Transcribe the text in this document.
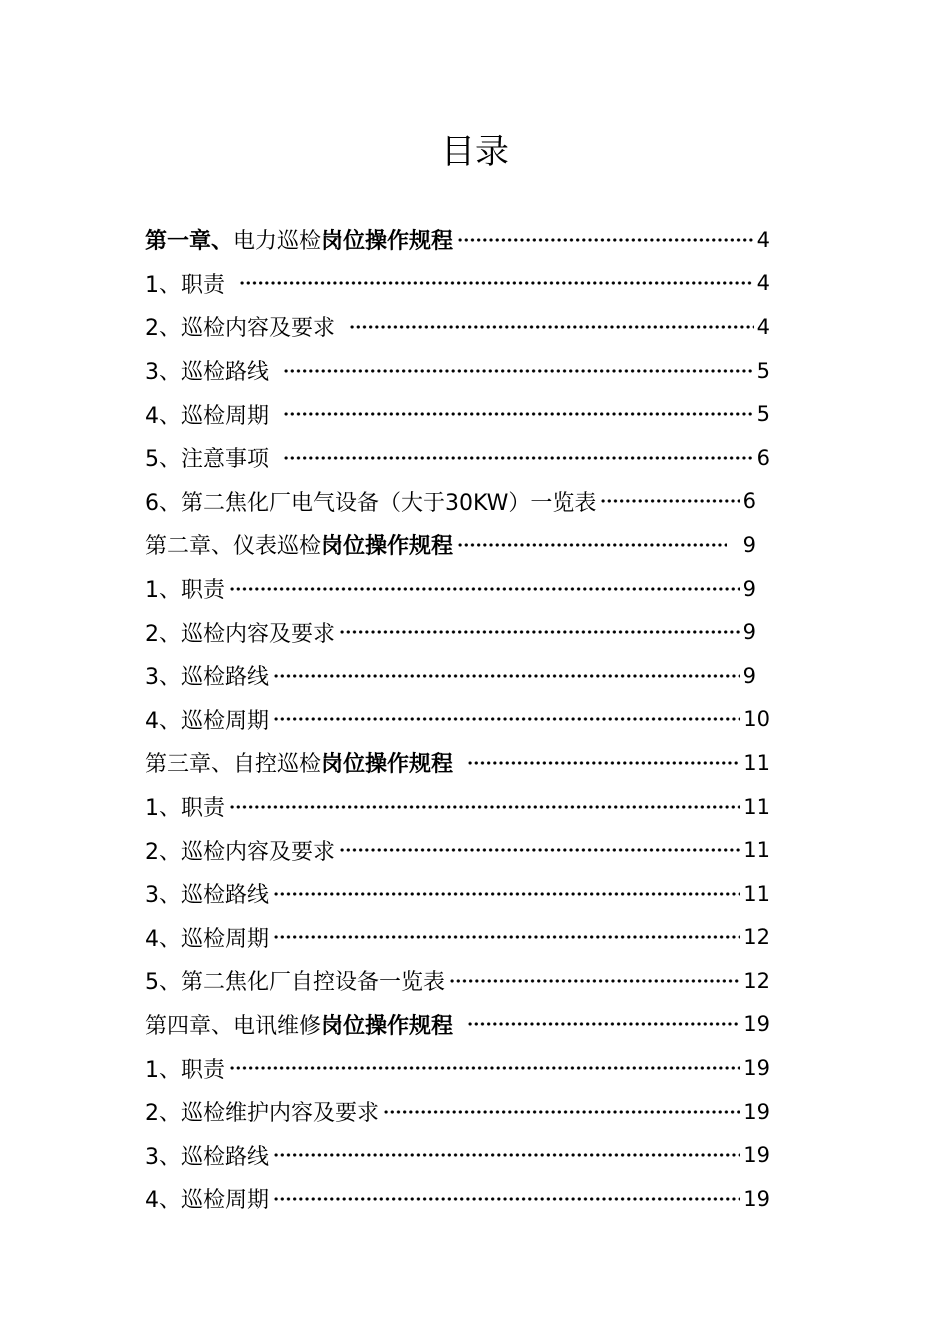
目录
第一章、电力巡检岗位操作规程	4
1、职责	4
2、巡检内容及要求	4
3、巡检路线	5
4、巡检周期	5
5、注意事项	6
6、第二焦化厂电气设备（大于30KW）一览表	6
第二章、仪表巡检岗位操作规程	9
1、职责	9
2、巡检内容及要求	9
3、巡检路线	9
4、巡检周期	10
第三章、自控巡检岗位操作规程	11
1、职责	11
2、巡检内容及要求	11
3、巡检路线	11
4、巡检周期	12
5、第二焦化厂自控设备一览表	12
第四章、电讯维修岗位操作规程	19
1、职责	19
2、巡检维护内容及要求	19
3、巡检路线	19
4、巡检周期	19
